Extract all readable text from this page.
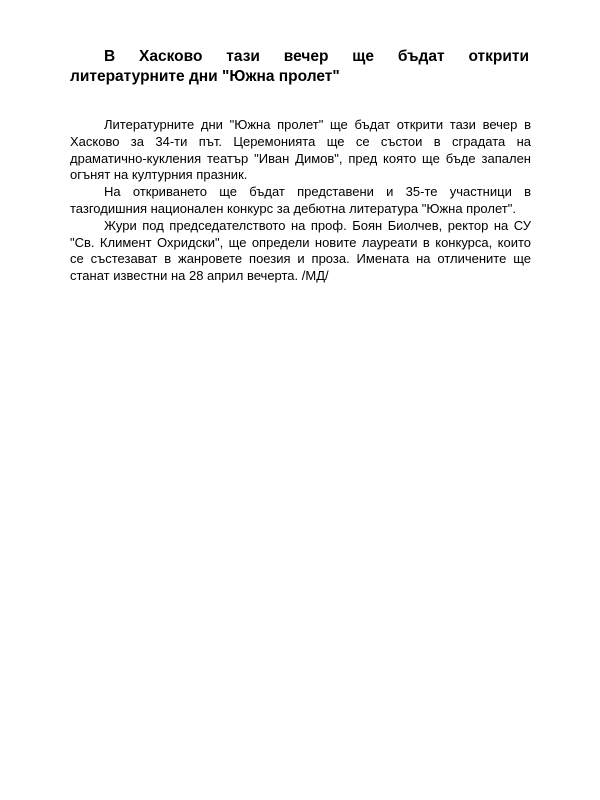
В Хасково тази вечер ще бъдат открити литературните дни "Южна пролет"

Литературните дни "Южна пролет" ще бъдат открити тази вечер в Хасково за 34-ти път. Церемонията ще се състои в сградата на драматично-кукления театър "Иван Димов", пред която ще бъде запален огънят на културния празник.

На откриването ще бъдат представени и 35-те участници в тазгодишния национален конкурс за дебютна литература "Южна пролет".

Жури под председателството на проф. Боян Биолчев, ректор на СУ "Св. Климент Охридски", ще определи новите лауреати в конкурса, които се състезават в жанровете поезия и проза. Имената на отличените ще станат известни на 28 април вечерта. /МД/
